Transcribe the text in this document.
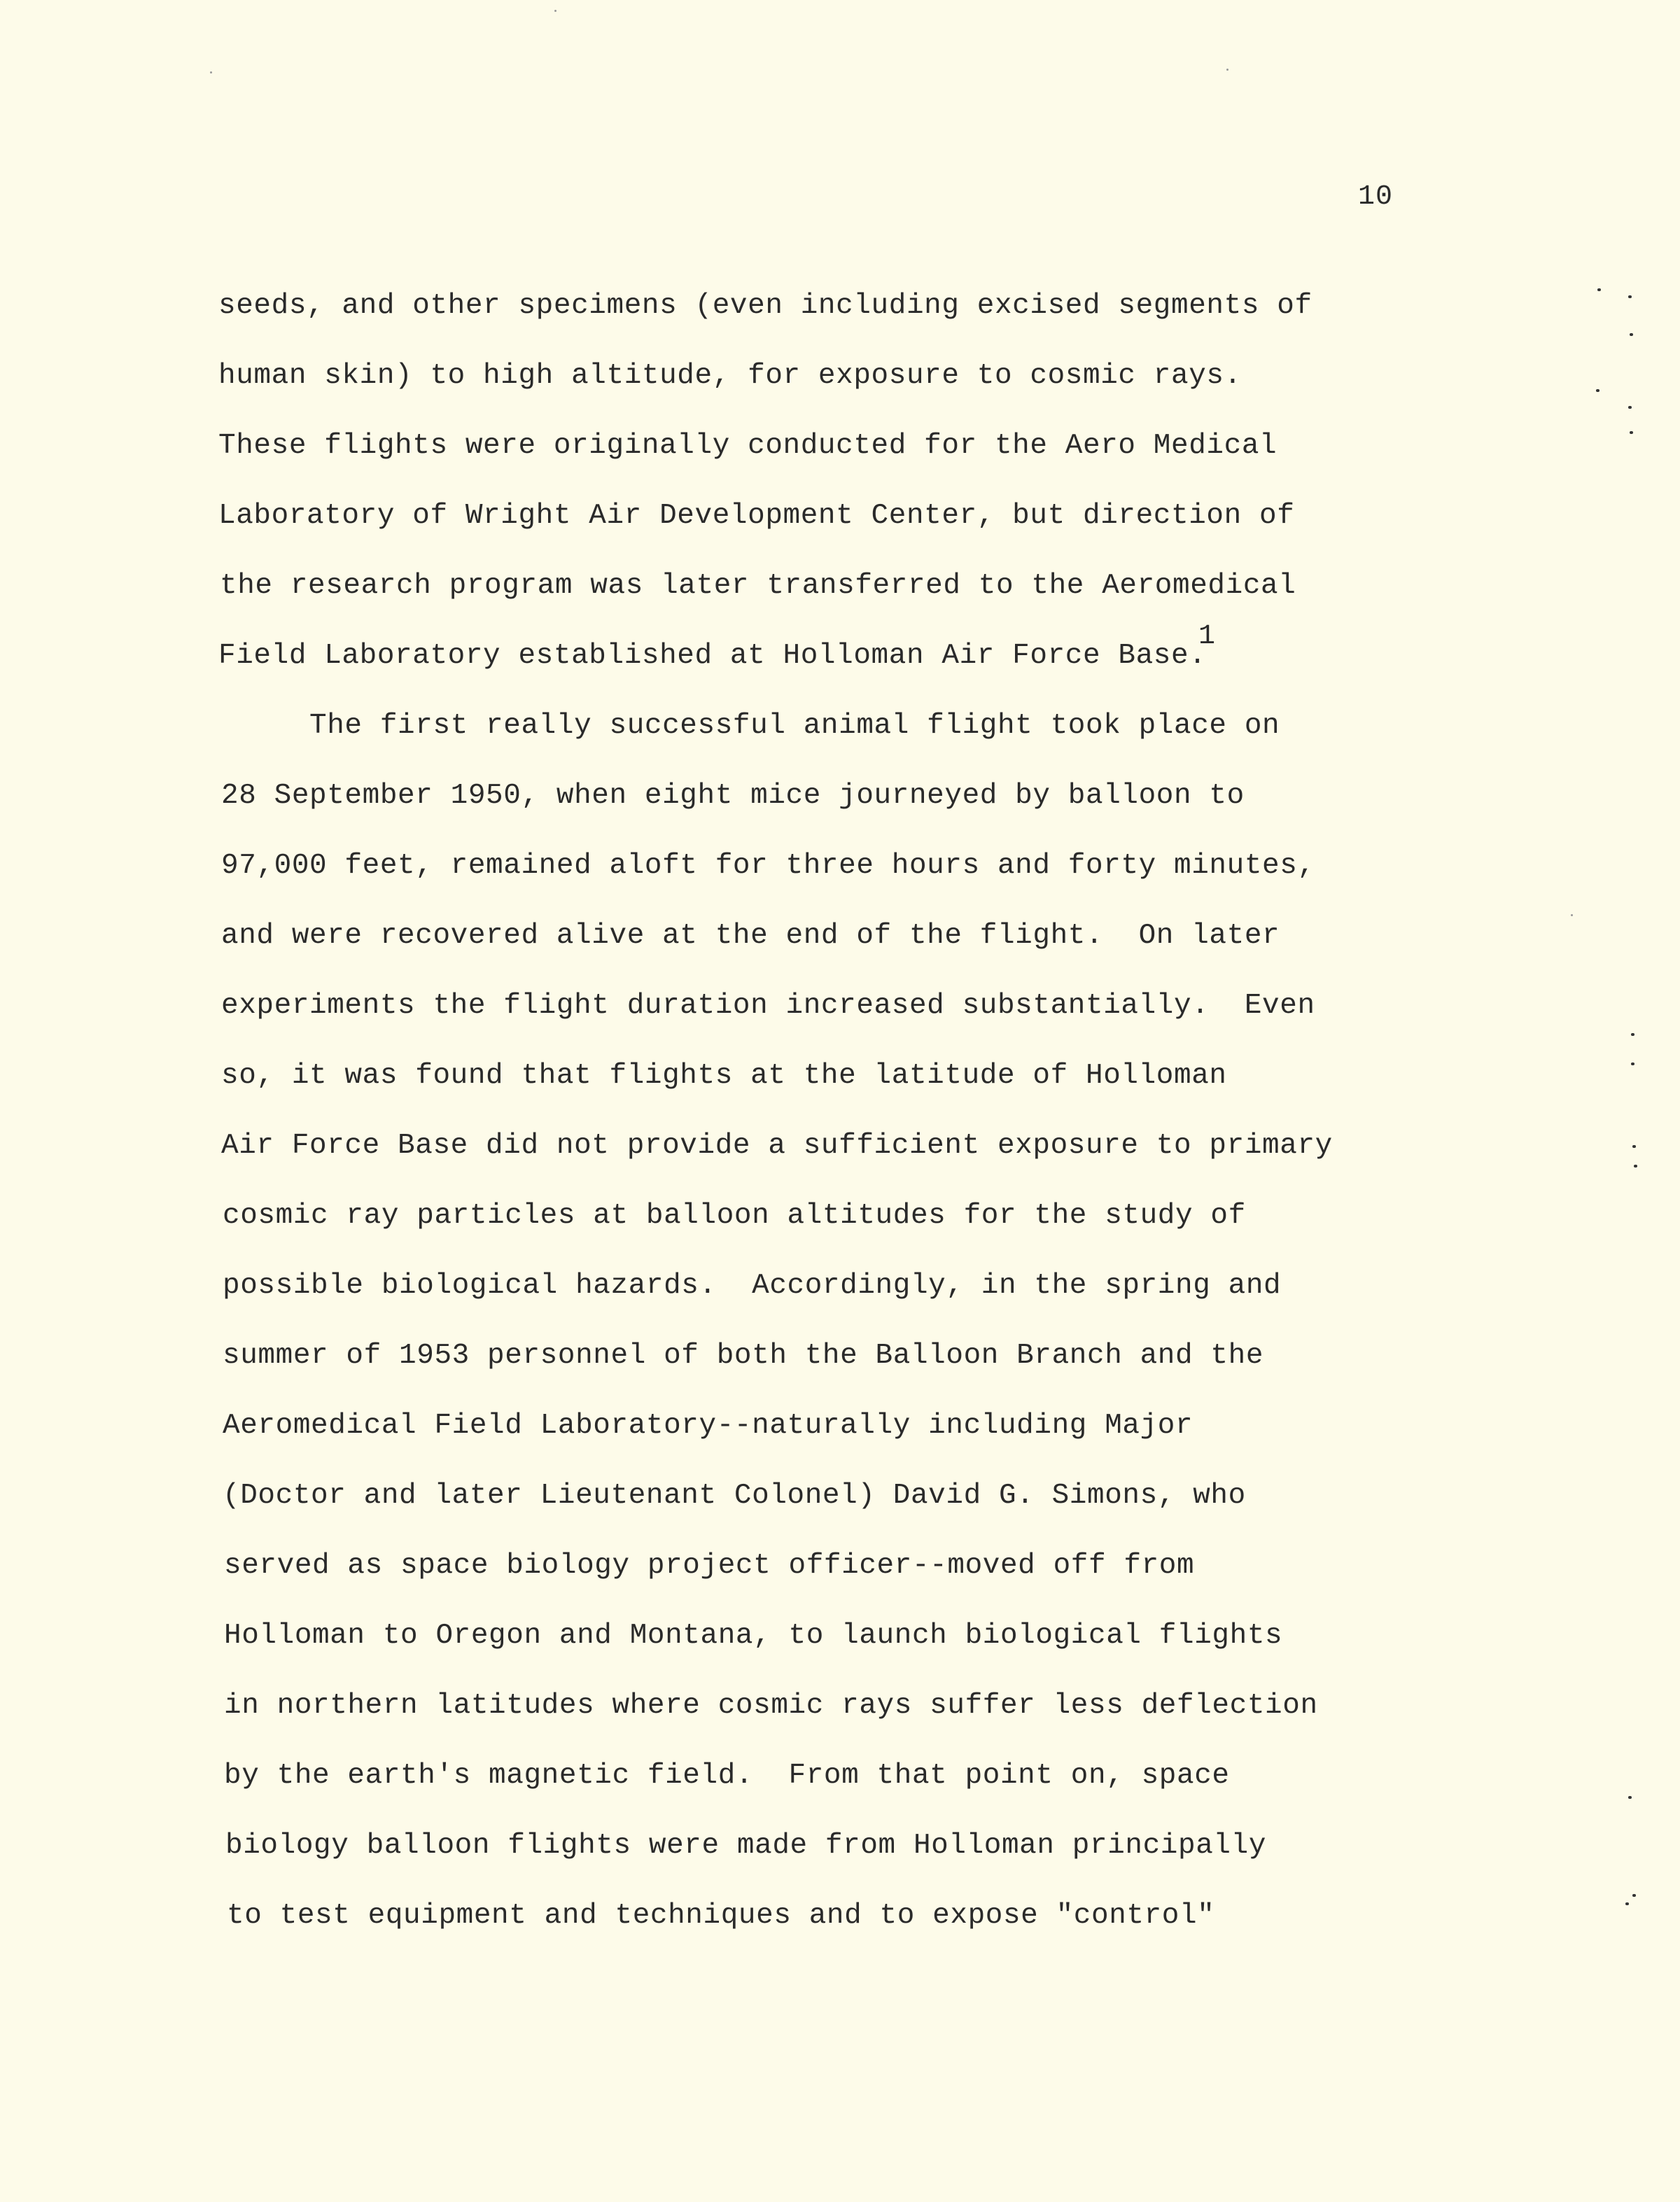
10
seeds, and other specimens (even including excised segments of
human skin) to high altitude, for exposure to cosmic rays.
These flights were originally conducted for the Aero Medical
Laboratory of Wright Air Development Center, but direction of
the research program was later transferred to the Aeromedical
Field Laboratory established at Holloman Air Force Base.
1
The first really successful animal flight took place on
28 September 1950, when eight mice journeyed by balloon to
97,000 feet, remained aloft for three hours and forty minutes,
and were recovered alive at the end of the flight.  On later
experiments the flight duration increased substantially.  Even
so, it was found that flights at the latitude of Holloman
Air Force Base did not provide a sufficient exposure to primary
cosmic ray particles at balloon altitudes for the study of
possible biological hazards.  Accordingly, in the spring and
summer of 1953 personnel of both the Balloon Branch and the
Aeromedical Field Laboratory--naturally including Major
(Doctor and later Lieutenant Colonel) David G. Simons, who
served as space biology project officer--moved off from
Holloman to Oregon and Montana, to launch biological flights
in northern latitudes where cosmic rays suffer less deflection
by the earth's magnetic field.  From that point on, space
biology balloon flights were made from Holloman principally
to test equipment and techniques and to expose "control"
